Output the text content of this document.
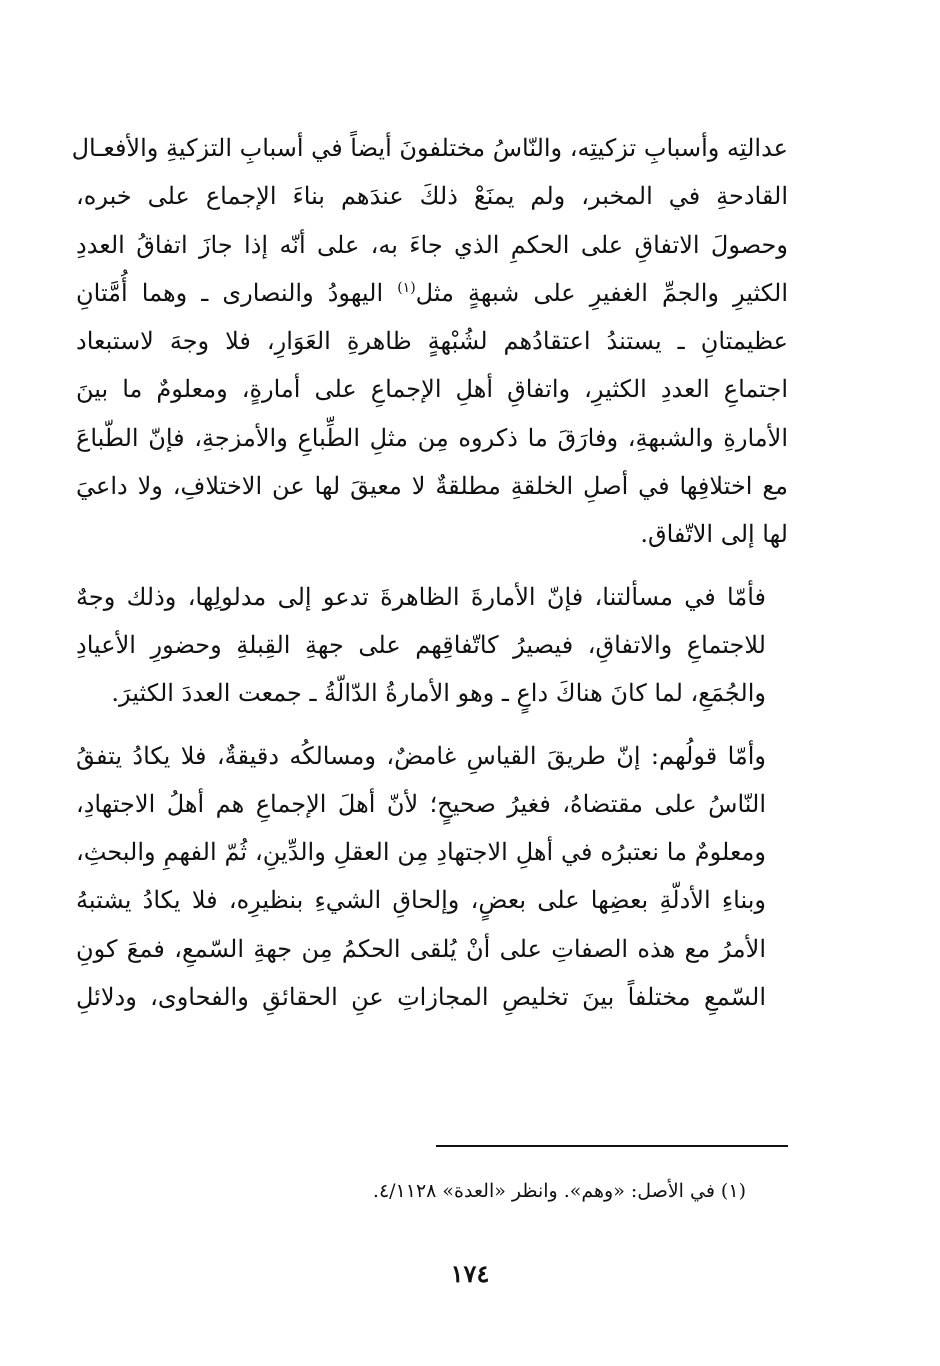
عدالتِه وأسبابِ تزكيتِه، والنّاسُ مختلفونَ أيضاً في أسبابِ التزكيةِ والأفعـال
القادحةِ في المخبر، ولم يمنَعْ ذلكَ عندَهم بناءَ الإجماع على خبره،
وحصولَ الاتفاقِ على الحكمِ الذي جاءَ به، على أنّه إذا جازَ اتفاقُ العددِ
الكثيرِ والجمِّ الغفيرِ على شبهةٍ مثل$^{(١)}$ اليهودُ والنصارى ـ وهما أُمَّتانِ
عظيمتانِ ـ يستندُ اعتقادُهم لشُبْهةٍ ظاهرةِ العَوَارِ، فلا وجهَ لاستبعاد
اجتماعِ العددِ الكثيرِ، واتفاقِ أهلِ الإجماعِ على أمارةٍ، ومعلومٌ ما بينَ
الأمارةِ والشبهةِ، وفارَقَ ما ذكروه مِن مثلِ الطِّباعِ والأمزجةِ، فإنّ الطّباعَ
مع اختلافِها في أصلِ الخلقةِ مطلقةٌ لا معيقَ لها عن الاختلافِ، ولا داعيَ
لها إلى الاتّفاق.

فأمّا في مسألتنا، فإنّ الأمارةَ الظاهرةَ تدعو إلى مدلولِها، وذلك وجهٌ
للاجتماعِ والاتفاقِ، فيصيرُ كاتّفاقِهم على جهةِ القِبلةِ وحضورِ الأعيادِ
والجُمَعِ، لما كانَ هناكَ داعٍ ـ وهو الأمارةُ الدّالّةُ ـ جمعت العددَ الكثيرَ.

وأمّا قولُهم: إنّ طريقَ القياسِ غامضٌ، ومسالكُه دقيقةٌ، فلا يكادُ يتفقُ
النّاسُ على مقتضاهُ، فغيرُ صحيحٍ؛ لأنّ أهلَ الإجماعِ هم أهلُ الاجتهادِ،
ومعلومٌ ما نعتبرُه في أهلِ الاجتهادِ مِن العقلِ والدِّينِ، ثُمّ الفهمِ والبحثِ،
وبناءِ الأدلّةِ بعضِها على بعضٍ، وإلحاقِ الشيءِ بنظيرِه، فلا يكادُ يشتبهُ
الأمرُ مع هذه الصفاتِ على أنْ يُلقى الحكمُ مِن جهةِ السّمعِ، فمعَ كونِ
السّمعِ مختلفاً بينَ تخليصِ المجازاتِ عنِ الحقائقِ والفحاوى، ودلائلِ

(١) في الأصل: «وهم». وانظر «العدة» ٤/١١٢٨.
١٧٤
